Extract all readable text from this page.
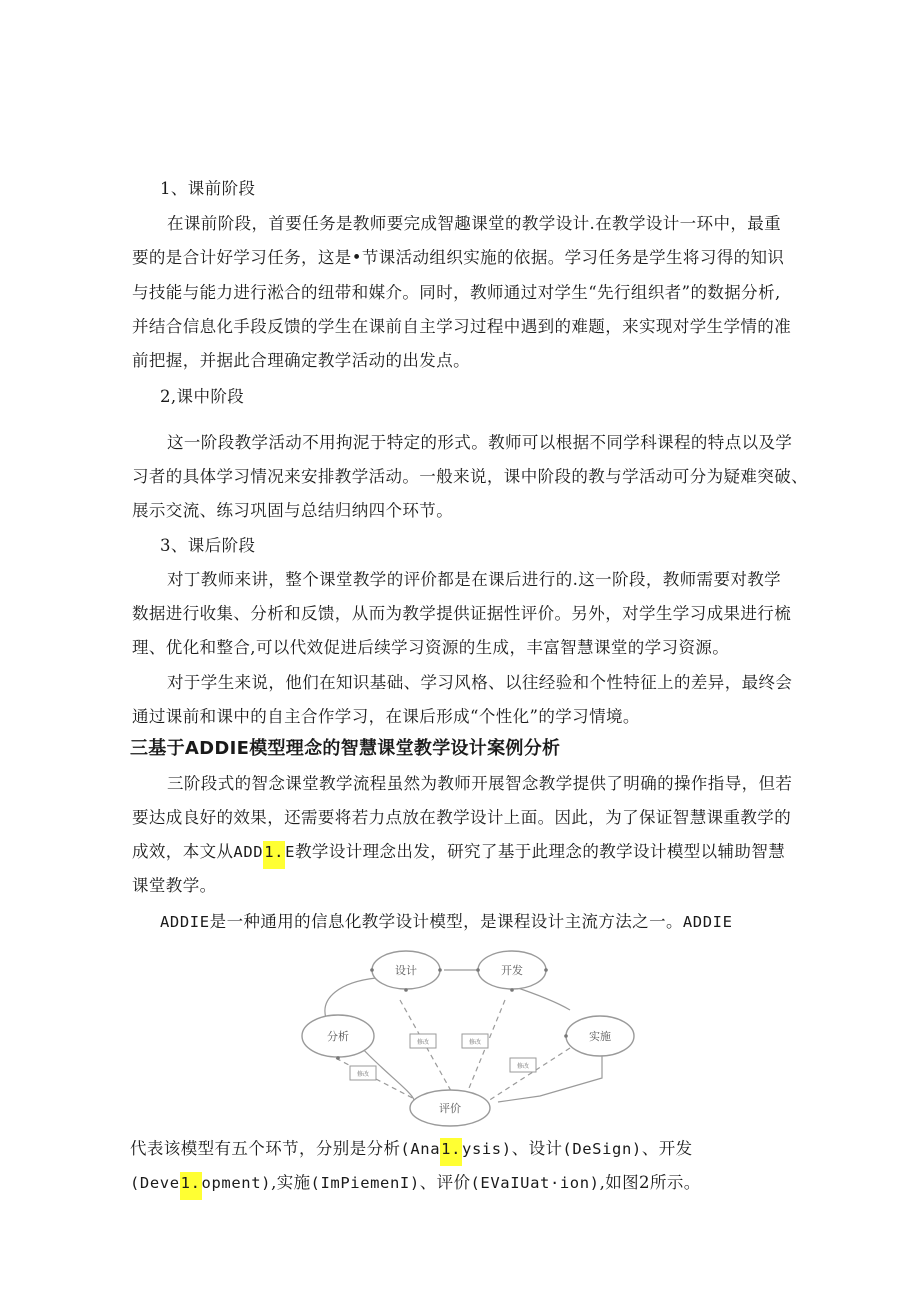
1、课前阶段
在课前阶段，首要任务是教师要完成智趣课堂的教学设计.在教学设计一环中，最重
要的是合计好学习任务，这是•节课活动组织实施的依据。学习任务是学生将习得的知识
与技能与能力进行淞合的纽带和媒介。同时，教师通过对学生“先行组织者”的数据分析,
并结合信息化手段反馈的学生在课前自主学习过程中遇到的难题，来实现对学生学情的准
前把握，并据此合理确定教学活动的出发点。
2,课中阶段
这一阶段教学活动不用拘泥于特定的形式。教师可以根据不同学科课程的特点以及学
习者的具体学习情况来安排教学活动。一般来说，课中阶段的教与学活动可分为疑难突破、
展示交流、练习巩固与总结归纳四个环节。
3、课后阶段
对丁教师来讲，整个课堂教学的评价都是在课后进行的.这一阶段，教师需要对教学
数据进行收集、分析和反馈，从而为教学提供证据性评价。另外，对学生学习成果进行梳
理、优化和整合,可以代效促进后续学习资源的生成，丰富智慧课堂的学习资源。
对于学生来说，他们在知识基础、学习风格、以往经验和个性特征上的差异，最终会
通过课前和课中的自主合作学习，在课后形成“个性化”的学习情境。
三基于ADDIE模型理念的智慧课堂教学设计案例分析
三阶段式的智念课堂教学流程虽然为教师开展智念教学提供了明确的操作指导，但若
要达成良好的效果，还需要将若力点放在教学设计上面。因此，为了保证智慧课重教学的
成效，本文从ADD1.E教学设计理念出发，研究了基于此理念的教学设计模型以辅助智慧
课堂教学。
ADDIE是一种通用的信息化教学设计模型，是课程设计主流方法之一。ADDIE
设计	开发
分析	实施
评价
修改	修改
修改
修改
代表该模型有五个环节，分别是分析(Ana1.ysis)、设计(DeSign)、开发
(Deve1.opment),实施(ImPiemenI)、评价(EVaIUat·ion),如图2所示。
